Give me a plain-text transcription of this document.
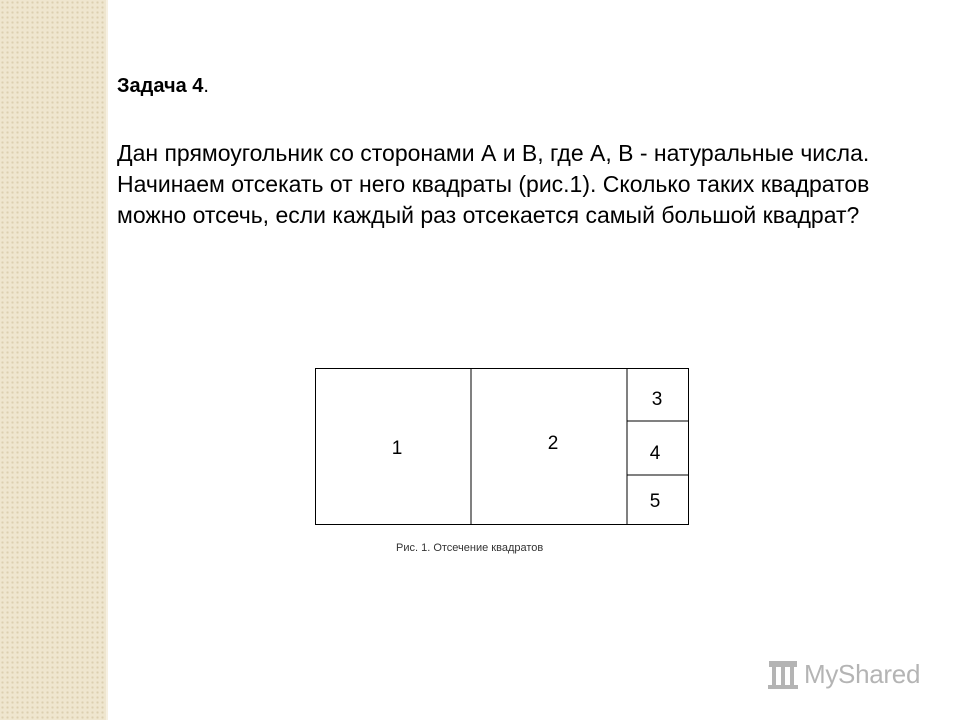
Задача 4.
Дан прямоугольник со сторонами А и В, где А, В - натуральные числа. Начинаем отсекать от него квадраты (рис.1). Сколько таких квадратов можно отсечь, если каждый раз отсекается самый большой квадрат?
1	2
3
4
5
Рис. 1. Отсечение квадратов
MyShared
